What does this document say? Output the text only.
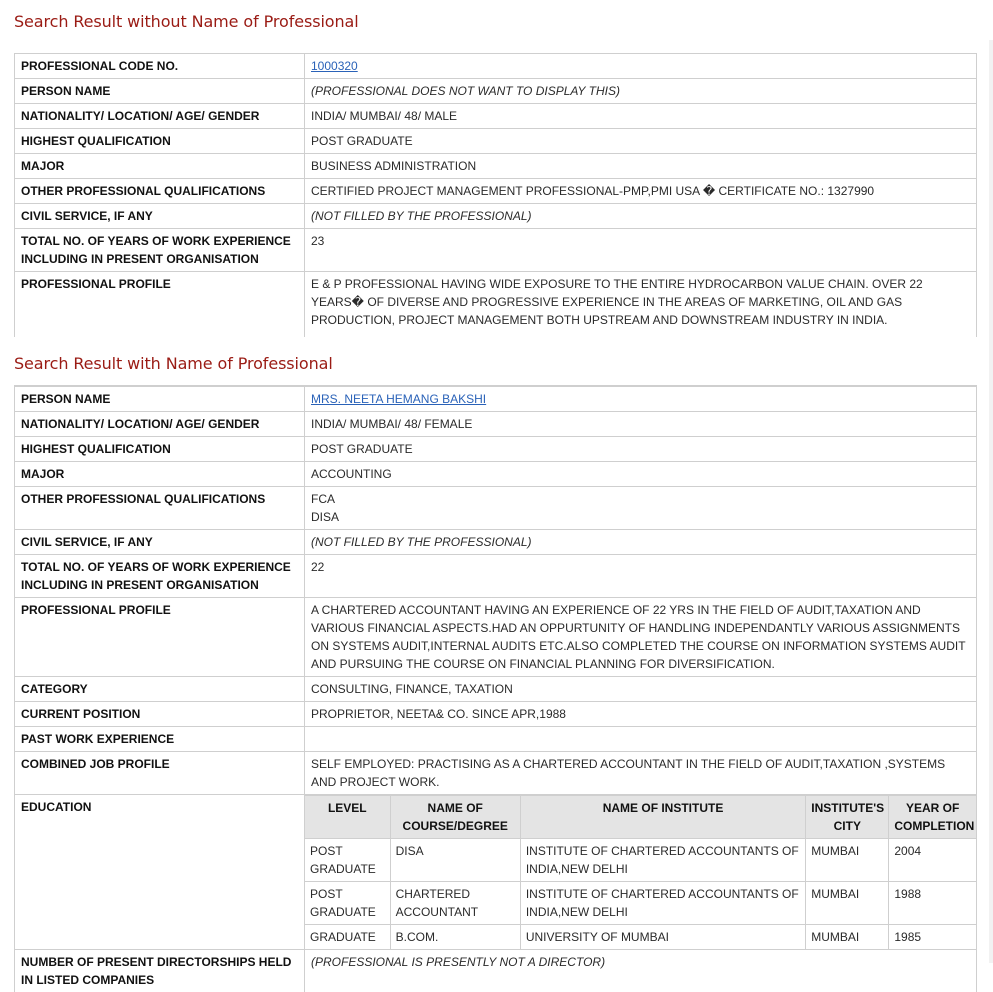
Search Result without Name of Professional
PROFESSIONAL CODE NO.	1000320
PERSON NAME	(PROFESSIONAL DOES NOT WANT TO DISPLAY THIS)
NATIONALITY/ LOCATION/ AGE/ GENDER	INDIA/ MUMBAI/ 48/ MALE
HIGHEST QUALIFICATION	POST GRADUATE
MAJOR	BUSINESS ADMINISTRATION
OTHER PROFESSIONAL QUALIFICATIONS	CERTIFIED PROJECT MANAGEMENT PROFESSIONAL-PMP,PMI USA � CERTIFICATE NO.: 1327990
CIVIL SERVICE, IF ANY	(NOT FILLED BY THE PROFESSIONAL)
TOTAL NO. OF YEARS OF WORK EXPERIENCE INCLUDING IN PRESENT ORGANISATION	23
PROFESSIONAL PROFILE	E & P PROFESSIONAL HAVING WIDE EXPOSURE TO THE ENTIRE HYDROCARBON VALUE CHAIN. OVER 22 YEARS� OF DIVERSE AND PROGRESSIVE EXPERIENCE IN THE AREAS OF MARKETING, OIL AND GAS PRODUCTION, PROJECT MANAGEMENT BOTH UPSTREAM AND DOWNSTREAM INDUSTRY IN INDIA.
Search Result with Name of Professional
PERSON NAME	MRS. NEETA HEMANG BAKSHI
NATIONALITY/ LOCATION/ AGE/ GENDER	INDIA/ MUMBAI/ 48/ FEMALE
HIGHEST QUALIFICATION	POST GRADUATE
MAJOR	ACCOUNTING
OTHER PROFESSIONAL QUALIFICATIONS	FCA
DISA

CIVIL SERVICE, IF ANY	(NOT FILLED BY THE PROFESSIONAL)
TOTAL NO. OF YEARS OF WORK EXPERIENCE INCLUDING IN PRESENT ORGANISATION	22
PROFESSIONAL PROFILE	A CHARTERED ACCOUNTANT HAVING AN EXPERIENCE OF 22 YRS IN THE FIELD OF AUDIT,TAXATION AND VARIOUS FINANCIAL ASPECTS.HAD AN OPPURTUNITY OF HANDLING INDEPENDANTLY VARIOUS ASSIGNMENTS ON SYSTEMS AUDIT,INTERNAL AUDITS ETC.ALSO COMPLETED THE COURSE ON INFORMATION SYSTEMS AUDIT AND PURSUING THE COURSE ON FINANCIAL PLANNING FOR DIVERSIFICATION.
CATEGORY	CONSULTING, FINANCE, TAXATION
CURRENT POSITION	PROPRIETOR, NEETA& CO. SINCE APR,1988
PAST WORK EXPERIENCE	
COMBINED JOB PROFILE	SELF EMPLOYED: PRACTISING AS A CHARTERED ACCOUNTANT IN THE FIELD OF AUDIT,TAXATION ,SYSTEMS AND PROJECT WORK.
EDUCATION		LEVEL	NAME OF COURSE/DEGREE	NAME OF INSTITUTE	INSTITUTE'S CITY	YEAR OF COMPLETION
POST GRADUATE	DISA	INSTITUTE OF CHARTERED ACCOUNTANTS OF INDIA,NEW DELHI	MUMBAI	2004
POST GRADUATE	CHARTERED ACCOUNTANT	INSTITUTE OF CHARTERED ACCOUNTANTS OF INDIA,NEW DELHI	MUMBAI	1988
GRADUATE	B.COM.	UNIVERSITY OF MUMBAI	MUMBAI	1985

NUMBER OF PRESENT DIRECTORSHIPS HELD IN LISTED COMPANIES	(PROFESSIONAL IS PRESENTLY NOT A DIRECTOR)
